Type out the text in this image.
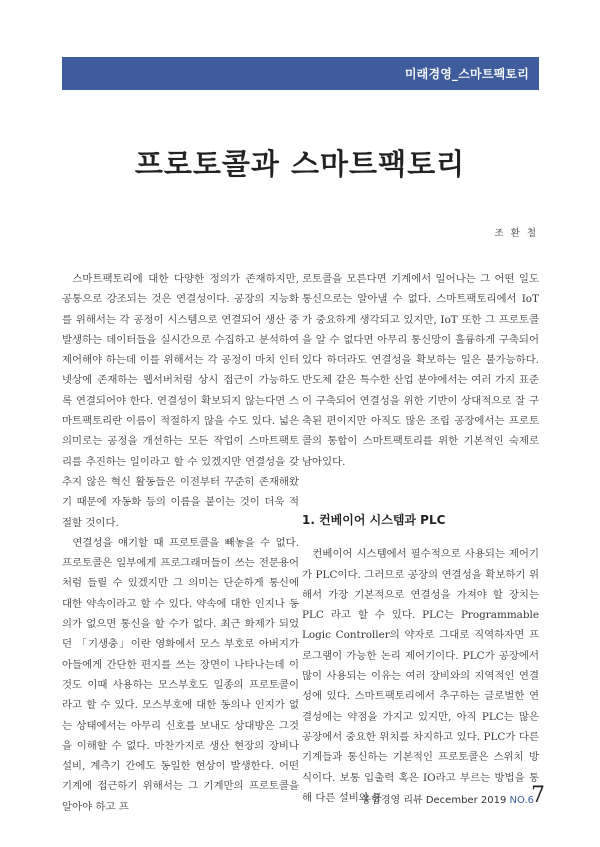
미래경영_스마트팩토리
프로토콜과 스마트팩토리
조 환 철

스마트팩토리에 대한 다양한 정의가 존재하지만, 공통으로 강조되는 것은 연결성이다. 공장의 지능화를 위해서는 각 공정이 시스템으로 연결되어 생산 중 발생하는 데이터들을 실시간으로 수집하고 분석하여 제어해야 하는데 이를 위해서는 각 공정이 마치 인터넷상에 존재하는 웹서버처럼 상시 접근이 가능하도록 연결되어야 한다. 연결성이 확보되지 않는다면 스마트팩토리란 이름이 적절하지 않을 수도 있다. 넓은 의미로는 공정을 개선하는 모든 작업이 스마트팩토리를 추진하는 일이라고 할 수 있겠지만 연결성을 갖추지 않은 혁신 활동들은 이전부터 꾸준히 존재해왔기 때문에 자동화 등의 이름을 붙이는 것이 더욱 적절할 것이다.

연결성을 얘기할 때 프로토콜을 빼놓을 수 없다. 프로토콜은 일부에게 프로그래머들이 쓰는 전문용어처럼 들릴 수 있겠지만 그 의미는 단순하게 통신에 대한 약속이라고 할 수 있다. 약속에 대한 인지나 동의가 없으면 통신을 할 수가 없다. 최근 화제가 되었던 「기생충」이란 영화에서 모스 부호로 아버지가 아들에게 간단한 편지를 쓰는 장면이 나타나는데 이것도 이때 사용하는 모스부호도 일종의 프로토콜이라고 할 수 있다. 모스부호에 대한 동의나 인지가 없는 상태에서는 아무리 신호를 보내도 상대방은 그것을 이해할 수 없다. 마찬가지로 생산 현장의 장비나 설비, 계측기 간에도 동일한 현상이 발생한다. 어떤 기계에 접근하기 위해서는 그 기계만의 프로토콜을 알아야 하고 프

로토콜을 모른다면 기계에서 일어나는 그 어떤 일도 통신으로는 알아낼 수 없다. 스마트팩토리에서 IoT가 중요하게 생각되고 있지만, IoT 또한 그 프로토콜을 알 수 없다면 아무리 통신망이 훌륭하게 구축되어 있다 하더라도 연결성을 확보하는 일은 불가능하다. 반도체 같은 특수한 산업 분야에서는 여러 가지 표준이 구축되어 연결성을 위한 기반이 상대적으로 잘 구축된 편이지만 아직도 많은 조립 공장에서는 프로토콜의 통합이 스마트팩토리를 위한 기본적인 숙제로 남아있다.

1. 컨베이어 시스템과 PLC

컨베이어 시스템에서 필수적으로 사용되는 제어기가 PLC이다. 그러므로 공장의 연결성을 확보하기 위해서 가장 기본적으로 연결성을 가져야 할 장치는 PLC 라고 할 수 있다. PLC는 Programmable Logic Controller의 약자로 그대로 직역하자면 프로그램이 가능한 논리 제어기이다. PLC가 공장에서 많이 사용되는 이유는 여러 장비와의 지역적인 연결성에 있다. 스마트팩토리에서 추구하는 글로벌한 연결성에는 약점을 가지고 있지만, 아직 PLC는 많은 공장에서 중요한 위치를 차지하고 있다. PLC가 다른 기계들과 통신하는 기본적인 프로토콜은 스위치 방식이다. 보통 입출력 혹은 IO라고 부르는 방법을 통해 다른 설비와 통

융합경영 리뷰 December 2019 NO.6
7
